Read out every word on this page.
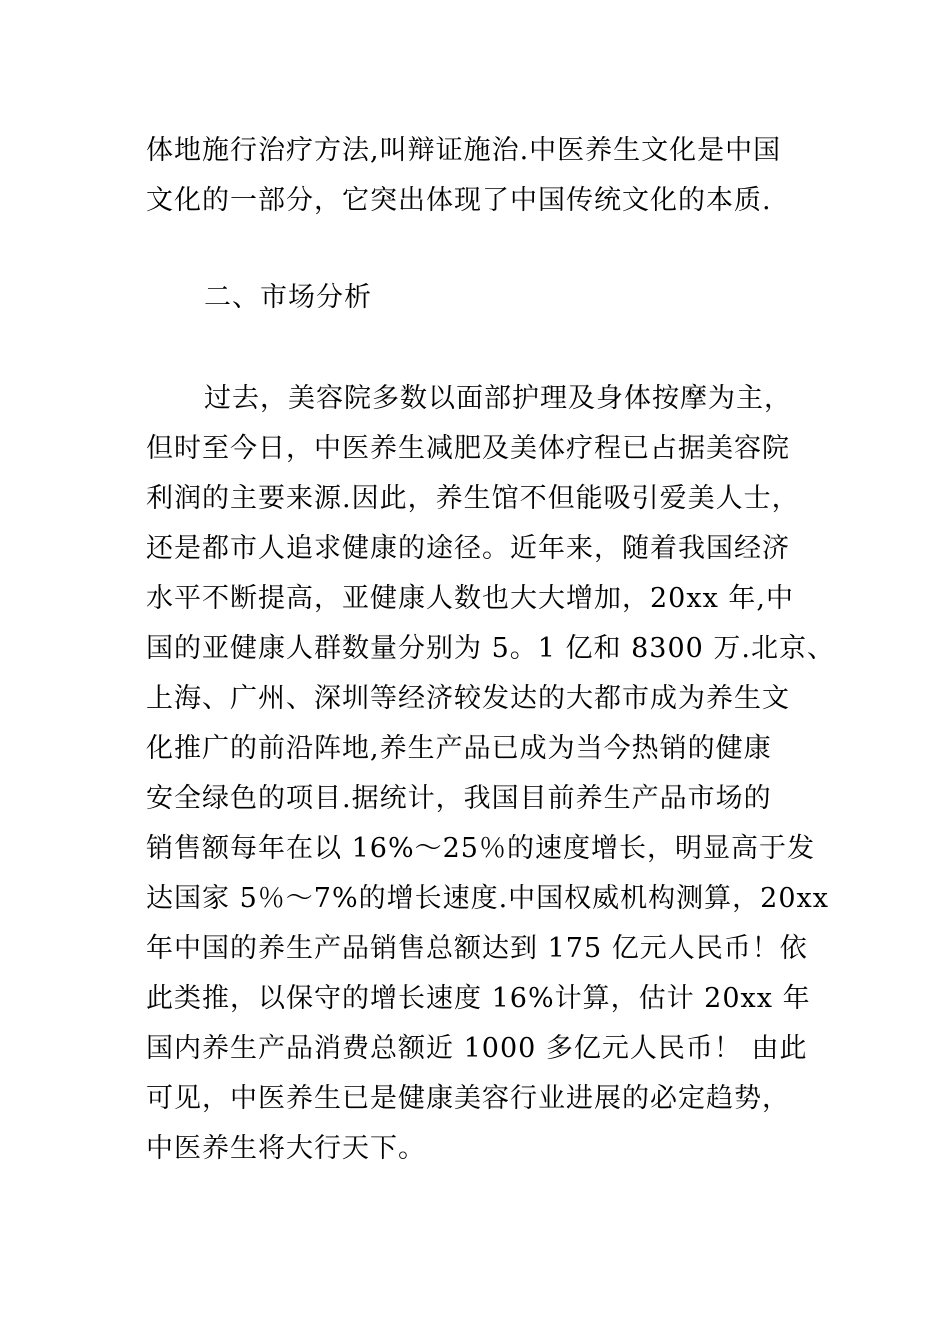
体地施行治疗方法,叫辩证施治.中医养生文化是中国
文化的一部分，它突出体现了中国传统文化的本质.
二、市场分析
过去，美容院多数以面部护理及身体按摩为主，
但时至今日，中医养生减肥及美体疗程已占据美容院
利润的主要来源.因此，养生馆不但能吸引爱美人士，
还是都市人追求健康的途径。近年来，随着我国经济
水平不断提高，亚健康人数也大大增加，20xx 年,中
国的亚健康人群数量分别为 5。1 亿和 8300 万.北京、
上海、广州、深圳等经济较发达的大都市成为养生文
化推广的前沿阵地,养生产品已成为当今热销的健康
安全绿色的项目.据统计，我国目前养生产品市场的
销售额每年在以 16%～25％的速度增长，明显高于发
达国家 5％～7%的增长速度.中国权威机构测算，20xx
年中国的养生产品销售总额达到 175 亿元人民币！依
此类推，以保守的增长速度 16%计算，估计 20xx 年
国内养生产品消费总额近 1000 多亿元人民币！ 由此
可见，中医养生已是健康美容行业进展的必定趋势，
中医养生将大行天下。
